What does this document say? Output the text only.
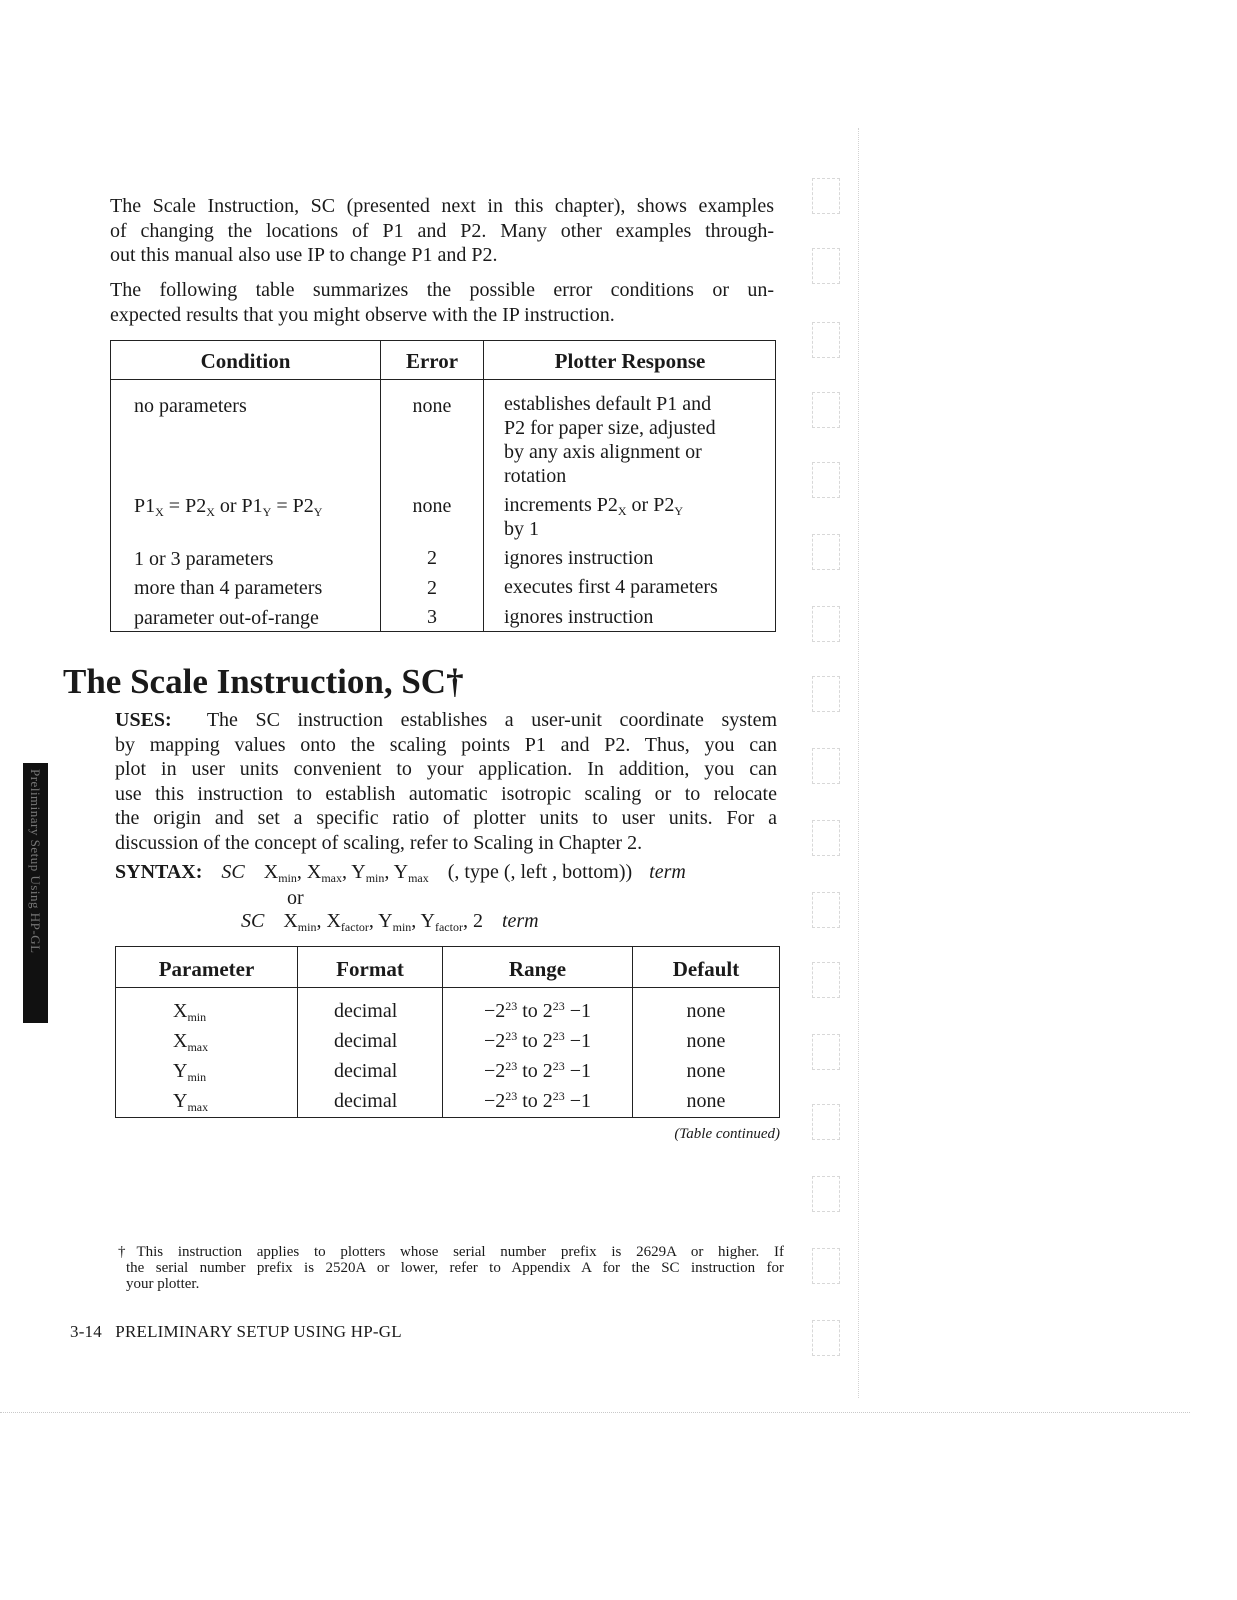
The Scale Instruction, SC (presented next in this chapter), shows examples
of changing the locations of P1 and P2. Many other examples through-
out this manual also use IP to change P1 and P2.
The following table summarizes the possible error conditions or un-
expected results that you might observe with the IP instruction.
Condition	Error	Plotter Response
no parameters	none	establishes default P1 and
P2 for paper size, adjusted
by any axis alignment or
rotation
$P1_X = P2_X$ or $P1_Y = P2_Y$	none	increments $P2_X$ or $P2_Y$
by 1
1 or 3 parameters	2	ignores instruction
more than 4 parameters	2	executes first 4 parameters
parameter out-of-range	3	ignores instruction
The Scale Instruction, SC†
USES: The SC instruction establishes a user-unit coordinate system
by mapping values onto the scaling points P1 and P2. Thus, you can
plot in user units convenient to your application. In addition, you can
use this instruction to establish automatic isotropic scaling or to relocate
the origin and set a specific ratio of plotter units to user units. For a
discussion of the concept of scaling, refer to Scaling in Chapter 2.
SYNTAX: SC $X_{min}$, $X_{max}$, $Y_{min}$, $Y_{max}$ (, type (, left , bottom)) term
or
SC $X_{min}$, $X_{factor}$, $Y_{min}$, $Y_{factor}$, 2 term
Parameter	Format	Range	Default
$X_{min}$	decimal	$-2^{23}$ to $2^{23} -1$	none
$X_{max}$	decimal	$-2^{23}$ to $2^{23} -1$	none
$Y_{min}$	decimal	$-2^{23}$ to $2^{23} -1$	none
$Y_{max}$	decimal	$-2^{23}$ to $2^{23} -1$	none
(Table continued)
†This instruction applies to plotters whose serial number prefix is 2629A or higher. If
the serial number prefix is 2520A or lower, refer to Appendix A for the SC instruction for
your plotter.
3-14   PRELIMINARY SETUP USING HP-GL
Preliminary Setup Using HP-GL
